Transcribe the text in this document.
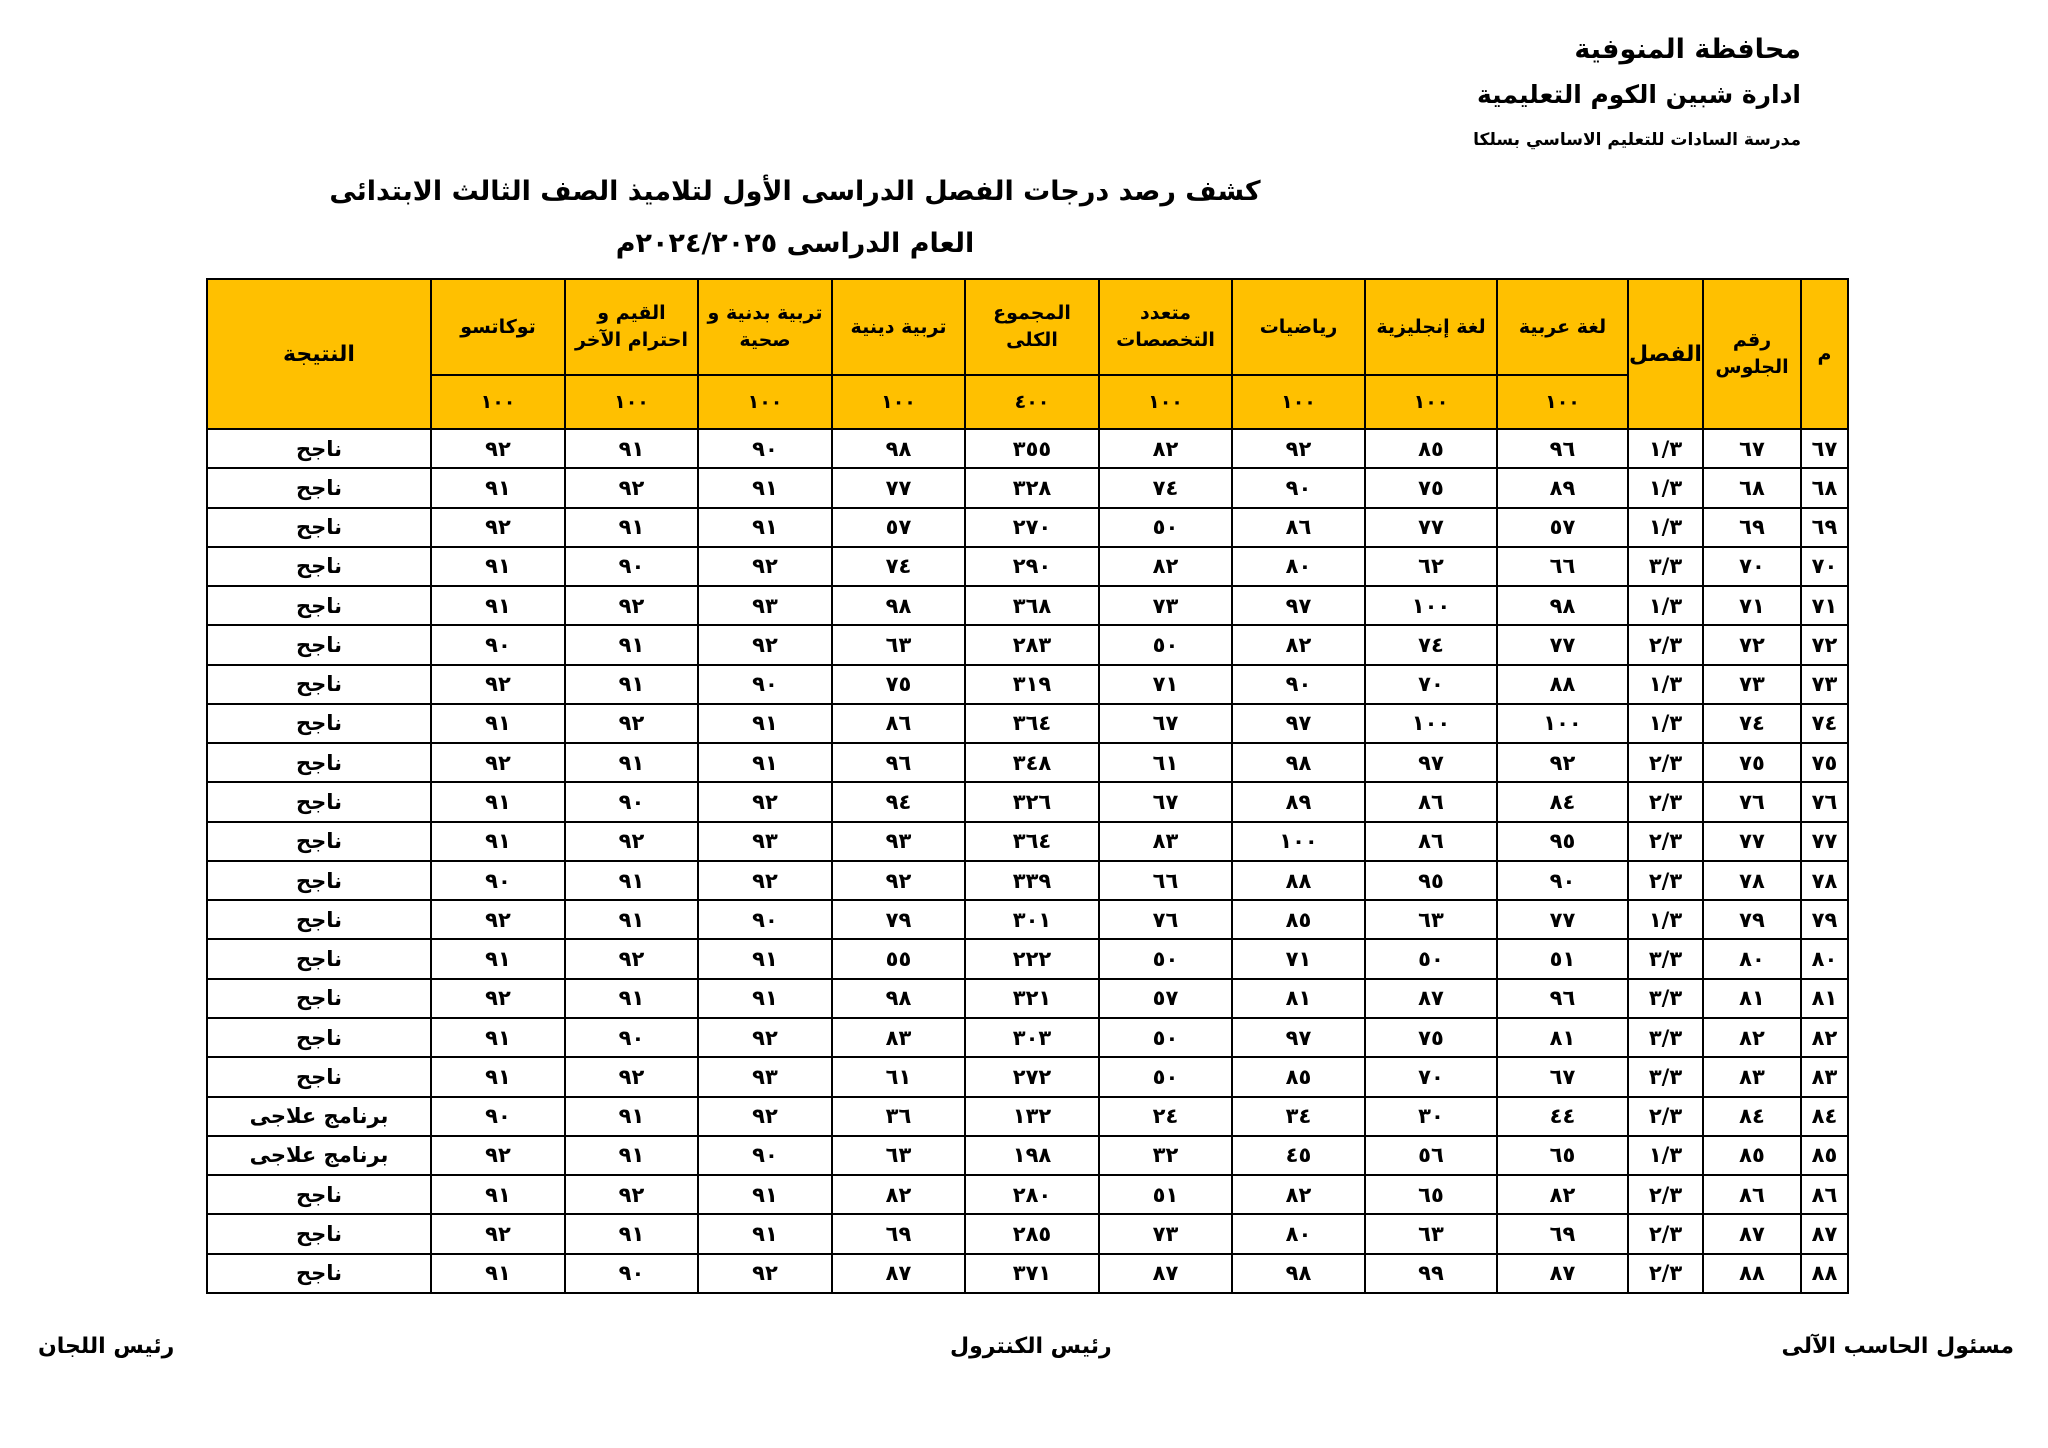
محافظة المنوفية
ادارة شبين الكوم التعليمية
مدرسة السادات للتعليم الاساسي بسلكا
كشف رصد درجات الفصل الدراسى الأول لتلاميذ الصف الثالث الابتدائى
العام الدراسى ٢٠٢٤/٢٠٢٥م
م	رقم الجلوس	الفصل	لغة عربية	لغة إنجليزية	رياضيات	متعدد التخصصات	المجموع الكلى	تربية دينية	تربية بدنية و صحية	القيم و احترام الآخر	توكاتسو	النتيجة
			١٠٠	١٠٠	١٠٠	١٠٠	٤٠٠	١٠٠	١٠٠	١٠٠	١٠٠	
٦٧	٦٧	١/٣	٩٦	٨٥	٩٢	٨٢	٣٥٥	٩٨	٩٠	٩١	٩٢	ناجح
٦٨	٦٨	١/٣	٨٩	٧٥	٩٠	٧٤	٣٢٨	٧٧	٩١	٩٢	٩١	ناجح
٦٩	٦٩	١/٣	٥٧	٧٧	٨٦	٥٠	٢٧٠	٥٧	٩١	٩١	٩٢	ناجح
٧٠	٧٠	٣/٣	٦٦	٦٢	٨٠	٨٢	٢٩٠	٧٤	٩٢	٩٠	٩١	ناجح
٧١	٧١	١/٣	٩٨	١٠٠	٩٧	٧٣	٣٦٨	٩٨	٩٣	٩٢	٩١	ناجح
٧٢	٧٢	٢/٣	٧٧	٧٤	٨٢	٥٠	٢٨٣	٦٣	٩٢	٩١	٩٠	ناجح
٧٣	٧٣	١/٣	٨٨	٧٠	٩٠	٧١	٣١٩	٧٥	٩٠	٩١	٩٢	ناجح
٧٤	٧٤	١/٣	١٠٠	١٠٠	٩٧	٦٧	٣٦٤	٨٦	٩١	٩٢	٩١	ناجح
٧٥	٧٥	٢/٣	٩٢	٩٧	٩٨	٦١	٣٤٨	٩٦	٩١	٩١	٩٢	ناجح
٧٦	٧٦	٢/٣	٨٤	٨٦	٨٩	٦٧	٣٢٦	٩٤	٩٢	٩٠	٩١	ناجح
٧٧	٧٧	٢/٣	٩٥	٨٦	١٠٠	٨٣	٣٦٤	٩٣	٩٣	٩٢	٩١	ناجح
٧٨	٧٨	٢/٣	٩٠	٩٥	٨٨	٦٦	٣٣٩	٩٢	٩٢	٩١	٩٠	ناجح
٧٩	٧٩	١/٣	٧٧	٦٣	٨٥	٧٦	٣٠١	٧٩	٩٠	٩١	٩٢	ناجح
٨٠	٨٠	٣/٣	٥١	٥٠	٧١	٥٠	٢٢٢	٥٥	٩١	٩٢	٩١	ناجح
٨١	٨١	٣/٣	٩٦	٨٧	٨١	٥٧	٣٢١	٩٨	٩١	٩١	٩٢	ناجح
٨٢	٨٢	٣/٣	٨١	٧٥	٩٧	٥٠	٣٠٣	٨٣	٩٢	٩٠	٩١	ناجح
٨٣	٨٣	٣/٣	٦٧	٧٠	٨٥	٥٠	٢٧٢	٦١	٩٣	٩٢	٩١	ناجح
٨٤	٨٤	٢/٣	٤٤	٣٠	٣٤	٢٤	١٣٢	٣٦	٩٢	٩١	٩٠	برنامج علاجى
٨٥	٨٥	١/٣	٦٥	٥٦	٤٥	٣٢	١٩٨	٦٣	٩٠	٩١	٩٢	برنامج علاجى
٨٦	٨٦	٢/٣	٨٢	٦٥	٨٢	٥١	٢٨٠	٨٢	٩١	٩٢	٩١	ناجح
٨٧	٨٧	٢/٣	٦٩	٦٣	٨٠	٧٣	٢٨٥	٦٩	٩١	٩١	٩٢	ناجح
٨٨	٨٨	٢/٣	٨٧	٩٩	٩٨	٨٧	٣٧١	٨٧	٩٢	٩٠	٩١	ناجح
مسئول الحاسب الآلى
رئيس الكنترول
رئيس اللجان
